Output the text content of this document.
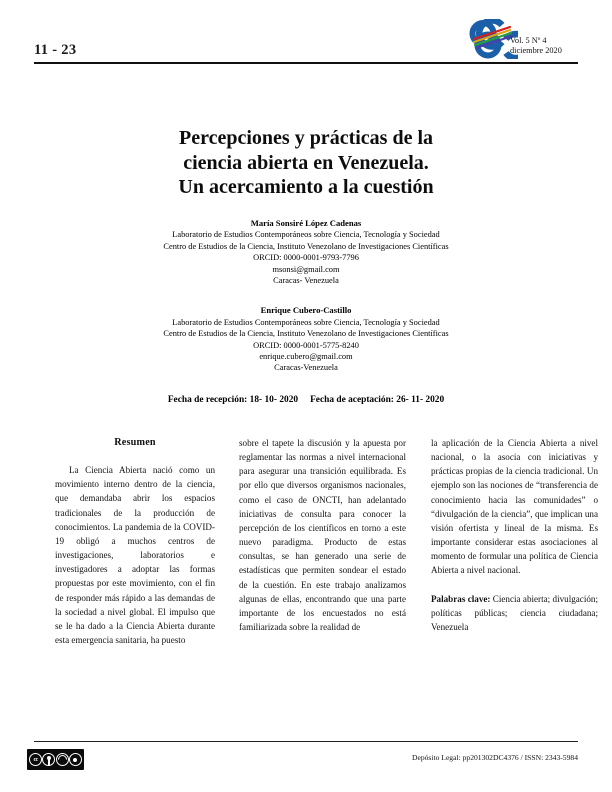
11 - 23
Vol. 5 Nº 4
diciembre 2020
Percepciones y prácticas de la
ciencia abierta en Venezuela.
Un acercamiento a la cuestión
María Sonsiré López Cadenas
Laboratorio de Estudios Contemporáneos sobre Ciencia, Tecnología y Sociedad
Centro de Estudios de la Ciencia, Instituto Venezolano de Investigaciones Científicas
ORCID: 0000-0001-9793-7796
msonsi@gmail.com
Caracas- Venezuela
Enrique Cubero-Castillo
Laboratorio de Estudios Contemporáneos sobre Ciencia, Tecnología y Sociedad
Centro de Estudios de la Ciencia, Instituto Venezolano de Investigaciones Científicas
ORCID: 0000-0001-5775-8240
enrique.cubero@gmail.com
Caracas-Venezuela
Fecha de recepción: 18- 10- 2020 Fecha de aceptación: 26- 11- 2020
Resumen

La Ciencia Abierta nació como un movimiento interno dentro de la ciencia, que demandaba abrir los espacios tradicionales de la producción de conocimientos. La pandemia de la COVID-19 obligó a muchos centros de investigaciones, laboratorios e investigadores a adoptar las formas propuestas por este movimiento, con el fin de responder más rápido a las demandas de la sociedad a nivel global. El impulso que se le ha dado a la Ciencia Abierta durante esta emergencia sanitaria, ha puesto

sobre el tapete la discusión y la apuesta por reglamentar las normas a nivel internacional para asegurar una transición equilibrada. Es por ello que diversos organismos nacionales, como el caso de ONCTI, han adelantado iniciativas de consulta para conocer la percepción de los científicos en torno a este nuevo paradigma. Producto de estas consultas, se han generado una serie de estadísticas que permiten sondear el estado de la cuestión. En este trabajo analizamos algunas de ellas, encontrando que una parte importante de los encuestados no está familiarizada sobre la realidad de

la aplicación de la Ciencia Abierta a nivel nacional, o la asocia con iniciativas y prácticas propias de la ciencia tradicional. Un ejemplo son las nociones de “transferencia de conocimiento hacia las comunidades” o “divulgación de la ciencia”, que implican una visión ofertista y lineal de la misma. Es importante considerar estas asociaciones al momento de formular una política de Ciencia Abierta a nivel nacional.

Palabras clave: Ciencia abierta; divulgación; políticas públicas; ciencia ciudadana; Venezuela

cc	Depósito Legal: pp201302DC4376 / ISSN: 2343-5984
